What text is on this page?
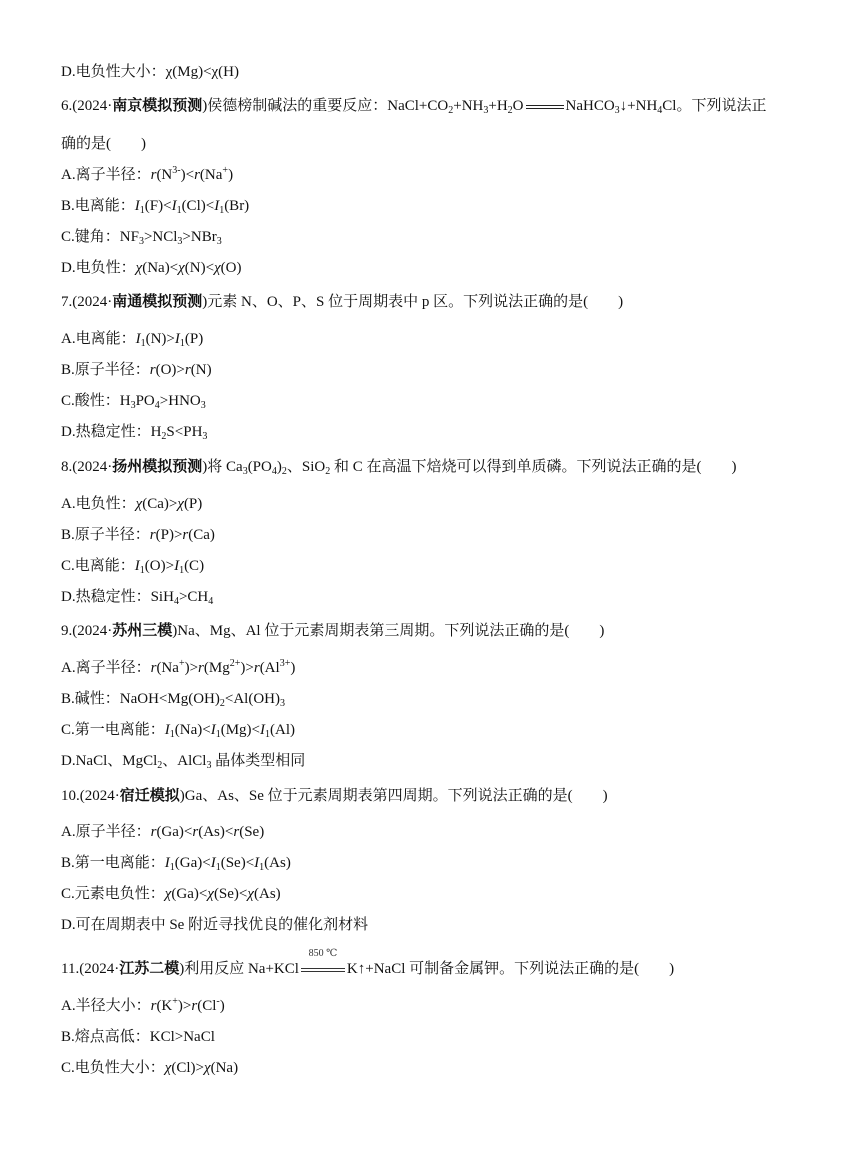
D.电负性大小：χ(Mg)<χ(H)
6.(2024·南京模拟预测)侯德榜制碱法的重要反应：$NaCl+CO_2+NH_3+H_2O$	$NaHCO_3↓+NH_4Cl$。下列说法正
确的是(　　)
A.离子半径：$r(N^{3-})<r(Na^+)$
B.电离能：$I_1(F)<I_1(Cl)<I_1(Br)$
C.键角：$NF_3>NCl_3>NBr_3$
D.电负性：χ(Na)<χ(N)<χ(O)
7.(2024·南通模拟预测)元素 N、O、P、S 位于周期表中 p 区。下列说法正确的是(　　)
A.电离能：$I_1(N)>I_1(P)$
B.原子半径：r(O)>r(N)
C.酸性：$H_3PO_4>HNO_3$
D.热稳定性：$H_2S<PH_3$
8.(2024·扬州模拟预测)将 $Ca_3(PO_4)_2$、SiO$_2$ 和 C 在高温下焙烧可以得到单质磷。下列说法正确的是(　　)
A.电负性：χ(Ca)>χ(P)
B.原子半径：r(P)>r(Ca)
C.电离能：$I_1(O)>I_1(C)$
D.热稳定性：$SiH_4>CH_4$
9.(2024·苏州三模)Na、Mg、Al 位于元素周期表第三周期。下列说法正确的是(　　)
A.离子半径：$r(Na^+)>r(Mg^{2+})>r(Al^{3+})$
B.碱性：$NaOH<Mg(OH)_2<Al(OH)_3$
C.第一电离能：$I_1(Na)<I_1(Mg)<I_1(Al)$
D.NaCl、MgCl$_2$、AlCl$_3$ 晶体类型相同
10.(2024·宿迁模拟)Ga、As、Se 位于元素周期表第四周期。下列说法正确的是(　　)
A.原子半径：r(Ga)<r(As)<r(Se)
B.第一电离能：$I_1(Ga)<I_1(Se)<I_1(As)$
C.元素电负性：χ(Ga)<χ(Se)<χ(As)
D.可在周期表中 Se 附近寻找优良的催化剂材料
11.(2024·江苏二模)利用反应 Na+KCl
850 ℃
K↑+NaCl 可制备金属钾。下列说法正确的是(　　)
A.半径大小：r(K+)>r(Cl-)
B.熔点高低：KCl>NaCl
C.电负性大小：χ(Cl)>χ(Na)
